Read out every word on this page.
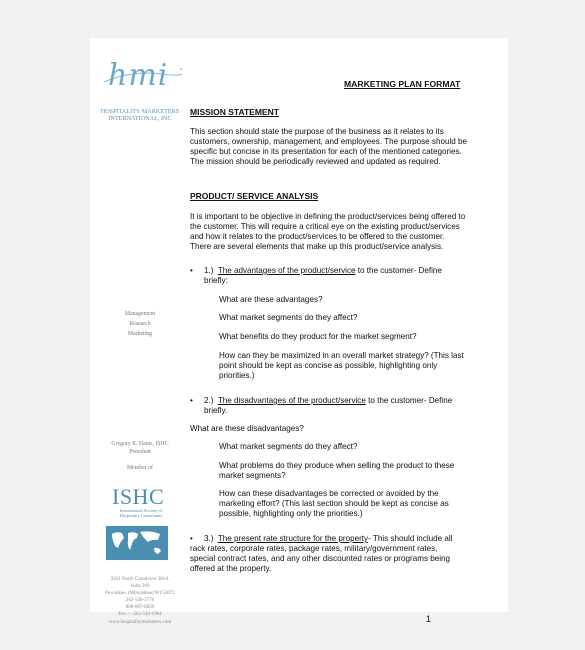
hmi
HOSPITALITY MARKETERS
INTERNATIONAL, INC
Management
Research
Marketing
Gregory R. Hanis, ISHC
President
Member of
ISHC
International Society of
Hospitality Consultants
2831 North Grandview Blvd.
Suite 209
Pewaukee, (Milwaukee) WI 53072
262-549-3770
800-897-0839
Fax — 262-549-1964
www.hospitalitymarketers.com
MARKETING PLAN FORMAT
MISSION STATEMENT
This section should state the purpose of the business as it relates to its
customers, ownership, management, and employees. The purpose should be
specific but concise in its presentation for each of the mentioned categories.
The mission should be periodically reviewed and updated as required.
PRODUCT/ SERVICE ANALYSIS
It is important to be objective in defining the product/services being offered to
the customer. This will require a critical eye on the existing product/services
and how it relates to the product/services to be offered to the customer.
There are several elements that make up this product/service analysis.
• 1.) The advantages of the product/service to the customer- Define
briefly:
What are these advantages?
What market segments do they affect?
What benefits do they product for the market segment?
How can they be maximized in an overall market strategy? (This last
point should be kept as concise as possible, highlighting only
priorities.)
• 2.) The disadvantages of the product/service to the customer- Define
briefly.
What are these disadvantages?
What market segments do they affect?
What problems do they produce when selling the product to these
market segments?
How can these disadvantages be corrected or avoided by the
marketing effort? (This last section should be kept as concise as
possible, highlighting only the priorities.)
• 3.) The present rate structure for the property- This should include all
rack rates, corporate rates, package rates, military/government rates,
special contract rates, and any other discounted rates or programs being
offered at the property.
1
